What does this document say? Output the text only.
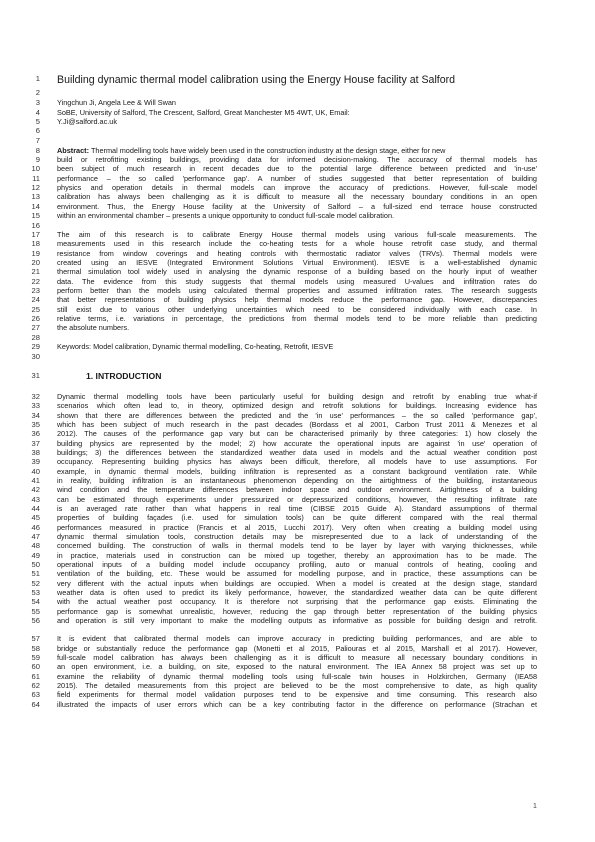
1 Building dynamic thermal model calibration using the Energy House facility at Salford
2
3 Yingchun Ji, Angela Lee & Will Swan
4 SoBE, University of Salford, The Crescent, Salford, Great Manchester M5 4WT, UK, Email:
5 Y.Ji@salford.ac.uk
6
7
8 Abstract: Thermal modelling tools have widely been used in the construction industry at the design stage, either for new
9 build or retrofitting existing buildings, providing data for informed decision-making. The accuracy of thermal models has
10 been subject of much research in recent decades due to the potential large difference between predicted and 'in-use'
11 performance – the so called 'performance gap'. A number of studies suggested that better representation of building
12 physics and operation details in thermal models can improve the accuracy of predictions. However, full-scale model
13 calibration has always been challenging as it is difficult to measure all the necessary boundary conditions in an open
14 environment. Thus, the Energy House facility at the University of Salford – a full-sized end terrace house constructed
15 within an environmental chamber – presents a unique opportunity to conduct full-scale model calibration.
16
17 The aim of this research is to calibrate Energy House thermal models using various full-scale measurements. The
18 measurements used in this research include the co-heating tests for a whole house retrofit case study, and thermal
19 resistance from window coverings and heating controls with thermostatic radiator valves (TRVs). Thermal models were
20 created using an IESVE (Integrated Environment Solutions Virtual Environment). IESVE is a well-established dynamic
21 thermal simulation tool widely used in analysing the dynamic response of a building based on the hourly input of weather
22 data. The evidence from this study suggests that thermal models using measured U-values and infiltration rates do
23 perform better than the models using calculated thermal properties and assumed infiltration rates. The research suggests
24 that better representations of building physics help thermal models reduce the performance gap. However, discrepancies
25 still exist due to various other underlying uncertainties which need to be considered individually with each case. In
26 relative terms, i.e. variations in percentage, the predictions from thermal models tend to be more reliable than predicting
27 the absolute numbers.
28
29 Keywords: Model calibration, Dynamic thermal modelling, Co-heating, Retrofit, IESVE
30
31	1. INTRODUCTION
32 Dynamic thermal modelling tools have been particularly useful for building design and retrofit by enabling true what-if
33 scenarios which often lead to, in theory, optimized design and retrofit solutions for buildings. Increasing evidence has
34 shown that there are differences between the predicted and the 'in use' performances – the so called 'performance gap',
35 which has been subject of much research in the past decades (Bordass et al 2001, Carbon Trust 2011 & Menezes et al
36 2012). The causes of the performance gap vary but can be characterised primarily by three categories: 1) how closely the
37 building physics are represented by the model; 2) how accurate the operational inputs are against 'in use' operation of
38 buildings; 3) the differences between the standardized weather data used in models and the actual weather condition post
39 occupancy. Representing building physics has always been difficult, therefore, all models have to use assumptions. For
40 example, in dynamic thermal models, building infiltration is represented as a constant background ventilation rate. While
41 in reality, building infiltration is an instantaneous phenomenon depending on the airtightness of the building, instantaneous
42 wind condition and the temperature differences between indoor space and outdoor environment. Airtightness of a building
43 can be estimated through experiments under pressurized or depressurized conditions, however, the resulting infiltrate rate
44 is an averaged rate rather than what happens in real time (CIBSE 2015 Guide A). Standard assumptions of thermal
45 properties of building façades (i.e. used for simulation tools) can be quite different compared with the real thermal
46 performances measured in practice (Francis et al 2015, Lucchi 2017). Very often when creating a building model using
47 dynamic thermal simulation tools, construction details may be misrepresented due to a lack of understanding of the
48 concerned building. The construction of walls in thermal models tend to be layer by layer with varying thicknesses, while
49 in practice, materials used in construction can be mixed up together, thereby an approximation has to be made. The
50 operational inputs of a building model include occupancy profiling, auto or manual controls of heating, cooling and
51 ventilation of the building, etc. These would be assumed for modelling purpose, and in practice, these assumptions can be
52 very different with the actual inputs when buildings are occupied. When a model is created at the design stage, standard
53 weather data is often used to predict its likely performance, however, the standardized weather data can be quite different
54 with the actual weather post occupancy. It is therefore not surprising that the performance gap exists. Eliminating the
55 performance gap is somewhat unrealistic, however, reducing the gap through better representation of the building physics
56 and operation is still very important to make the modelling outputs as informative as possible for building design and retrofit.
57 It is evident that calibrated thermal models can improve accuracy in predicting building performances, and are able to
58 bridge or substantially reduce the performance gap (Monetti et al 2015, Paliouras et al 2015, Marshall et al 2017). However,
59 full-scale model calibration has always been challenging as it is difficult to measure all necessary boundary conditions in
60 an open environment, i.e. a building, on site, exposed to the natural environment. The IEA Annex 58 project was set up to
61 examine the reliability of dynamic thermal modelling tools using full-scale twin houses in Holzkirchen, Germany (IEA58
62 2015). The detailed measurements from this project are believed to be the most comprehensive to date, as high quality
63 field experiments for thermal model validation purposes tend to be expensive and time consuming. This research also
64 illustrated the impacts of user errors which can be a key contributing factor in the difference on performance (Strachan et
1
